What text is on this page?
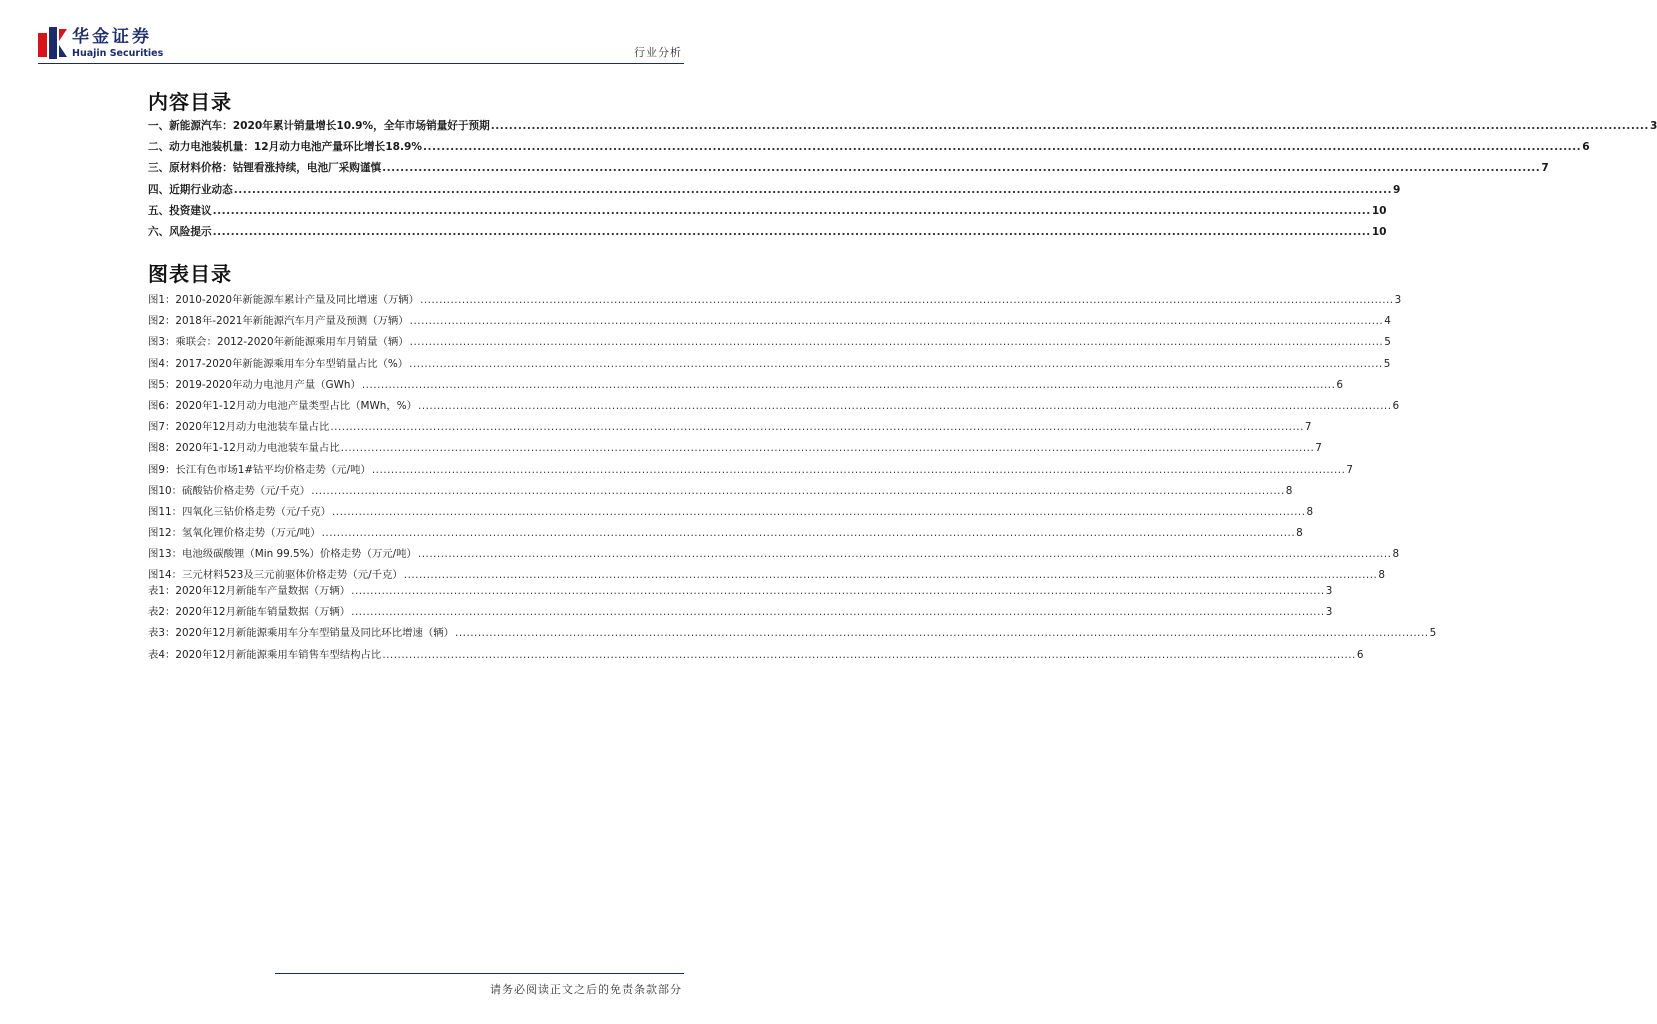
华金证券
Huajin Securities	行业分析
内容目录
一、新能源汽车：2020年累计销量增长10.9%，全年市场销量好于预期 .....	3
二、动力电池装机量：12月动力电池产量环比增长18.9% .....	6
三、原材料价格：钴锂看涨持续，电池厂采购谨慎 .....	7
四、近期行业动态 .....	9
五、投资建议 .....	10
六、风险提示 .....	10
图表目录
图1：2010-2020年新能源车累计产量及同比增速（万辆） .....	3
图2：2018年-2021年新能源汽车月产量及预测（万辆） .....	4
图3：乘联会：2012-2020年新能源乘用车月销量（辆） .....	5
图4：2017-2020年新能源乘用车分车型销量占比（%） .....	5
图5：2019-2020年动力电池月产量（GWh） .....	6
图6：2020年1-12月动力电池产量类型占比（MWh，%） .....	6
图7：2020年12月动力电池装车量占比 .....	7
图8：2020年1-12月动力电池装车量占比 .....	7
图9：长江有色市场1#钴平均价格走势（元/吨） .....	7
图10：硫酸钴价格走势（元/千克） .....	8
图11：四氧化三钴价格走势（元/千克） .....	8
图12：氢氧化锂价格走势（万元/吨） .....	8
图13：电池级碳酸锂（Min 99.5%）价格走势（万元/吨） .....	8
图14：三元材料523及三元前驱体价格走势（元/千克） .....	8
表1：2020年12月新能车产量数据（万辆） .....	3
表2：2020年12月新能车销量数据（万辆） .....	3
表3：2020年12月新能源乘用车分车型销量及同比环比增速（辆） .....	5
表4：2020年12月新能源乘用车销售车型结构占比 .....	6
请务必阅读正文之后的免责条款部分
